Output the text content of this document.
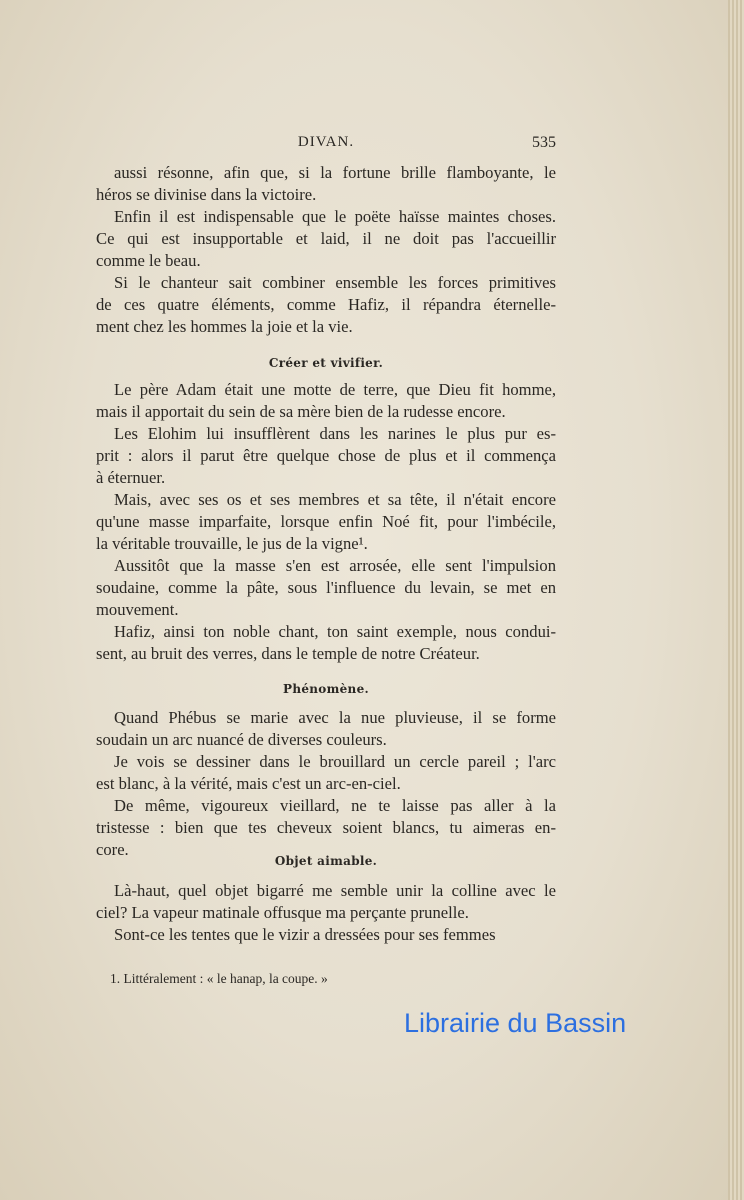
DIVAN.	535
aussi résonne, afin que, si la fortune brille flamboyante, le
héros se divinise dans la victoire.
Enfin il est indispensable que le poëte haïsse maintes choses.
Ce qui est insupportable et laid, il ne doit pas l'accueillir
comme le beau.
Si le chanteur sait combiner ensemble les forces primitives
de ces quatre éléments, comme Hafiz, il répandra éternelle-
ment chez les hommes la joie et la vie.
Créer et vivifier.
Le père Adam était une motte de terre, que Dieu fit homme,
mais il apportait du sein de sa mère bien de la rudesse encore.
Les Elohim lui insufflèrent dans les narines le plus pur es-
prit : alors il parut être quelque chose de plus et il commença
à éternuer.
Mais, avec ses os et ses membres et sa tête, il n'était encore
qu'une masse imparfaite, lorsque enfin Noé fit, pour l'imbécile,
la véritable trouvaille, le jus de la vigne¹.
Aussitôt que la masse s'en est arrosée, elle sent l'impulsion
soudaine, comme la pâte, sous l'influence du levain, se met en
mouvement.
Hafiz, ainsi ton noble chant, ton saint exemple, nous condui-
sent, au bruit des verres, dans le temple de notre Créateur.
Phénomène.
Quand Phébus se marie avec la nue pluvieuse, il se forme
soudain un arc nuancé de diverses couleurs.
Je vois se dessiner dans le brouillard un cercle pareil ; l'arc
est blanc, à la vérité, mais c'est un arc-en-ciel.
De même, vigoureux vieillard, ne te laisse pas aller à la
tristesse : bien que tes cheveux soient blancs, tu aimeras en-
core.
Objet aimable.
Là-haut, quel objet bigarré me semble unir la colline avec le
ciel? La vapeur matinale offusque ma perçante prunelle.
Sont-ce les tentes que le vizir a dressées pour ses femmes
1. Littéralement : « le hanap, la coupe. »
Librairie du Bassin
